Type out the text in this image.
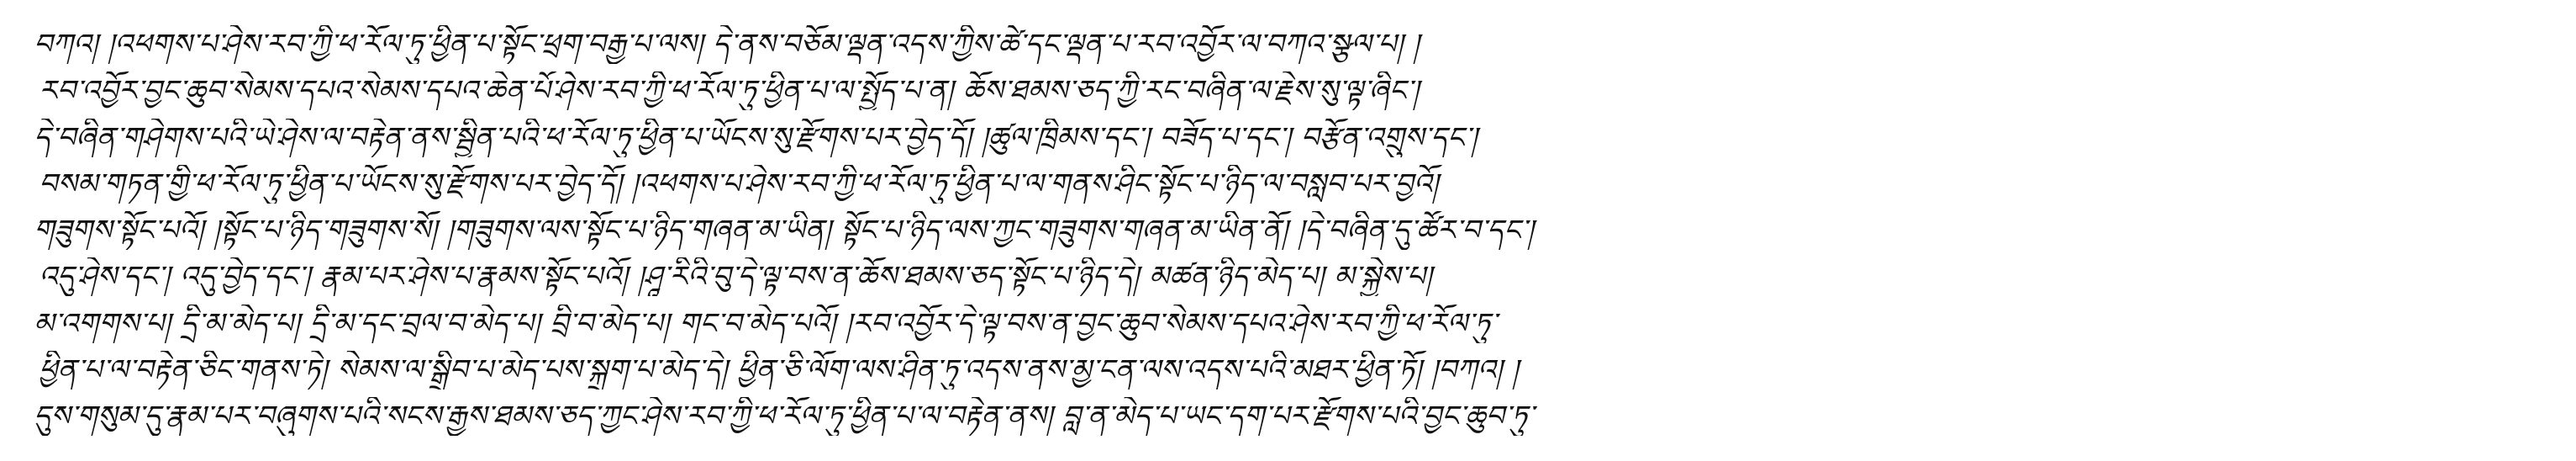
བཀའ། །འཕགས་པ་ཤེས་རབ་ཀྱི་ཕ་རོལ་ཏུ་ཕྱིན་པ་སྟོང་ཕྲག་བརྒྱ་པ་ལས། དེ་ནས་བཅོམ་ལྡན་འདས་ཀྱིས་ཚེ་དང་ལྡན་པ་རབ་འབྱོར་ལ་བཀའ་སྩལ་པ། །
རབ་འབྱོར་བྱང་ཆུབ་སེམས་དཔའ་སེམས་དཔའ་ཆེན་པོ་ཤེས་རབ་ཀྱི་ཕ་རོལ་ཏུ་ཕྱིན་པ་ལ་སྤྱོད་པ་ན། ཆོས་ཐམས་ཅད་ཀྱི་རང་བཞིན་ལ་རྗེས་སུ་ལྟ་ཞིང་།
དེ་བཞིན་གཤེགས་པའི་ཡེ་ཤེས་ལ་བརྟེན་ནས་སྦྱིན་པའི་ཕ་རོལ་ཏུ་ཕྱིན་པ་ཡོངས་སུ་རྫོགས་པར་བྱེད་དོ། །ཚུལ་ཁྲིམས་དང་། བཟོད་པ་དང་། བརྩོན་འགྲུས་དང་།
བསམ་གཏན་གྱི་ཕ་རོལ་ཏུ་ཕྱིན་པ་ཡོངས་སུ་རྫོགས་པར་བྱེད་དོ། །འཕགས་པ་ཤེས་རབ་ཀྱི་ཕ་རོལ་ཏུ་ཕྱིན་པ་ལ་གནས་ཤིང་སྟོང་པ་ཉིད་ལ་བསླབ་པར་བྱའོ།
གཟུགས་སྟོང་པའོ། །སྟོང་པ་ཉིད་གཟུགས་སོ། །གཟུགས་ལས་སྟོང་པ་ཉིད་གཞན་མ་ཡིན། སྟོང་པ་ཉིད་ལས་ཀྱང་གཟུགས་གཞན་མ་ཡིན་ནོ། །དེ་བཞིན་དུ་ཚོར་བ་དང་།
འདུ་ཤེས་དང་། འདུ་བྱེད་དང་། རྣམ་པར་ཤེས་པ་རྣམས་སྟོང་པའོ། །ཤཱ་རིའི་བུ་དེ་ལྟ་བས་ན་ཆོས་ཐམས་ཅད་སྟོང་པ་ཉིད་དེ། མཚན་ཉིད་མེད་པ། མ་སྐྱེས་པ།
མ་འགགས་པ། དྲི་མ་མེད་པ། དྲི་མ་དང་བྲལ་བ་མེད་པ། བྲི་བ་མེད་པ། གང་བ་མེད་པའོ། །རབ་འབྱོར་དེ་ལྟ་བས་ན་བྱང་ཆུབ་སེམས་དཔའ་ཤེས་རབ་ཀྱི་ཕ་རོལ་ཏུ་
ཕྱིན་པ་ལ་བརྟེན་ཅིང་གནས་ཏེ། སེམས་ལ་སྒྲིབ་པ་མེད་པས་སྐྲག་པ་མེད་དེ། ཕྱིན་ཅི་ལོག་ལས་ཤིན་ཏུ་འདས་ནས་མྱ་ངན་ལས་འདས་པའི་མཐར་ཕྱིན་ཏོ། །བཀའ། །
དུས་གསུམ་དུ་རྣམ་པར་བཞུགས་པའི་སངས་རྒྱས་ཐམས་ཅད་ཀྱང་ཤེས་རབ་ཀྱི་ཕ་རོལ་ཏུ་ཕྱིན་པ་ལ་བརྟེན་ནས། བླ་ན་མེད་པ་ཡང་དག་པར་རྫོགས་པའི་བྱང་ཆུབ་ཏུ་
